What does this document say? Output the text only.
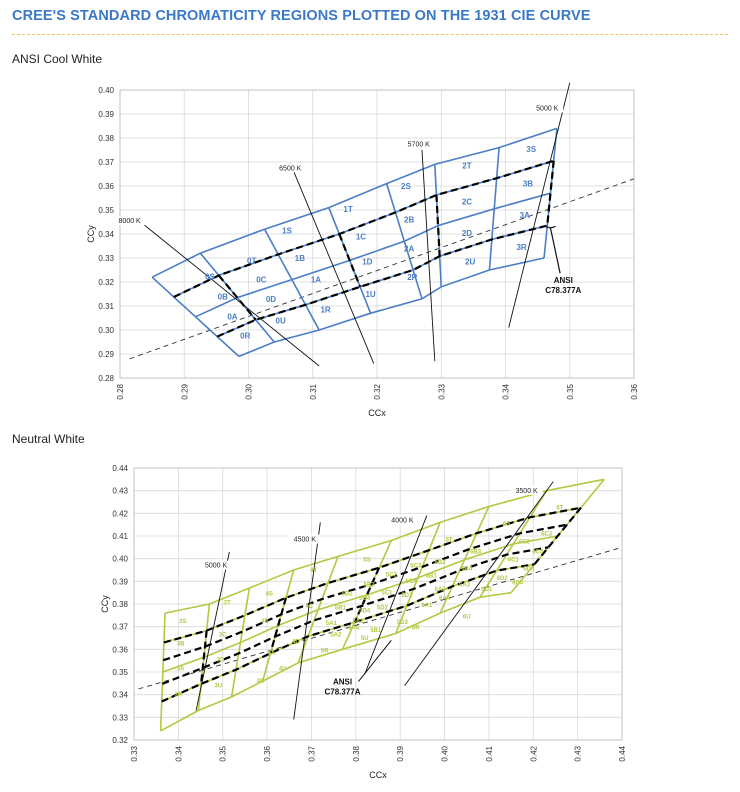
CREE'S STANDARD CHROMATICITY REGIONS PLOTTED ON THE 1931 CIE CURVE
ANSI Cool White
0.28	0.29	0.30	0.31	0.32	0.33	0.34	0.35	0.36
0.28
0.29
0.30
0.31
0.32
0.33
0.34
0.35
0.36
0.37
0.38
0.39
0.40
CCx
CCy
8000 K
6500 K
5700 K
5000 K
0S
0B
0A
0T
0C
0D
0R
0U
1S
1B
1A
1R
1T
1C
1D
1U
2S
2B
2A
2R
2T
2C
2D
2U
3S
3B
3A
3R
ANSI
C78.377A
Neutral White
0.33	0.34	0.35	0.36	0.37	0.38	0.39	0.40	0.41	0.42	0.43	0.44
0.32
0.33
0.34
0.35
0.36
0.37
0.38
0.39
0.40
0.41
0.42
0.43
0.44
CCx
CCy
5000 K
4500 K
4000 K
3500 K
3S
3B
3A
3R
3T
3C
3D
3U
4S
4B
4A
4R
4T
4C
4D
4U
5S
5B2
5B3
5C2
5C3
5C1
5C4
5B1
5B4
5D1
5D2
5D3
5D4
5A1
5A2
5A3
5A4 5B1
5R
5U
5T
6B2
6B3
6B1
6B4
6A2
6A1
6A3
6A4
6R
6U
6S
6C2
6C3
6C1
6C4
6D1
6D2
6D3
6D4
6T
ANSI
C78.377A
